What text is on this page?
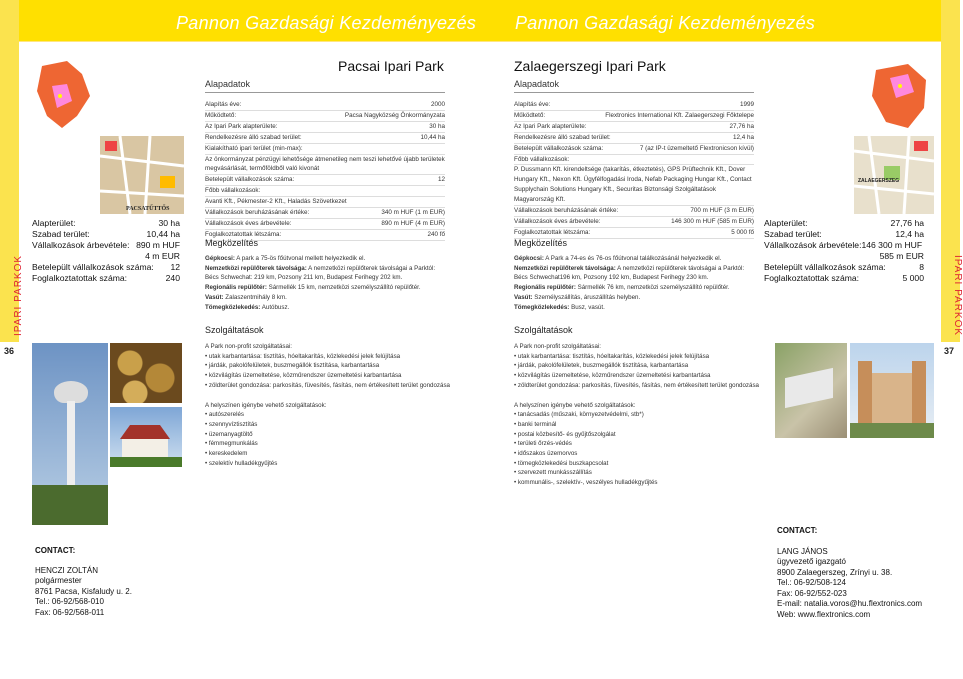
Pannon Gazdasági Kezdeményezés Pannon Gazdasági Kezdeményezés
IPARI PARKOK
36
IPARI PARKOK
37
PACSATŰTTŐS
Alapterület:	30 ha
Szabad terület:	10,44 ha
Vállalkozások árbevétele: 890 m HUF
4 m EUR
Betelepült vállalkozások száma: 12
Foglalkoztatottak száma:	240
Pacsai Ipari Park
Alapadatok
Alapítás éve:	2000
Működtető:	Pacsa Nagyközség Önkormányzata
Az Ipari Park alapterülete:	30 ha
Rendelkezésre álló szabad terület:	10,44 ha
Kialakítható ipari terület (min-max):
Az önkormányzat pénzügyi lehetősége átmenetileg nem teszi lehetővé újabb területek megvásárlását, termőföldből való kivonát
Betelepült vállalkozások száma:	12
Főbb vállalkozások:
Avanti Kft., Pékmester-2 Kft., Haladás Szövetkezet
Vállalkozások beruházásának értéke:	340 m HUF (1 m EUR)
Vállalkozások éves árbevétele:	890 m HUF (4 m EUR)
Foglalkoztatottak létszáma:	240 fő
Megközelítés
Gépkocsi: A park a 75-ös főútvonal mellett helyezkedik el.
Nemzetközi repülőterek távolsága: A nemzetközi repülőterek távolságai a Parktól:
Bécs Schwechat: 219 km, Pozsony 211 km, Budapest Ferihegy 202 km.
Regionális repülőtér: Sármellék 15 km, nemzetközi személyszállító repülőtér.
Vasút: Zalaszentmihály 8 km.
Tömegközlekedés: Autóbusz.
Szolgáltatások
A Park non-profit szolgáltatásai:
• utak karbantartása: tisztítás, hóeltakarítás, közlekedési jelek felújítása
• járdák, pakolófelületek, buszmegállók tisztítása, karbantartása
• közvilágítás üzemeltetése, közműrendszer üzemeltetési karbantartása
• zöldterület gondozása: parkosítás, füvesítés, fásítás, nem értékesített terület gondozása
A helyszínen igénybe vehető szolgáltatások:
• autószerelés
• szennyvíztisztítás
• üzemanyagtöltő
• fémmegmunkálás
• kereskedelem
• szelektív hulladékgyűjtés
CONTACT:
HENCZI ZOLTÁN
polgármester
8761 Pacsa, Kisfaludy u. 2.
Tel.: 06-92/568-010
Fax: 06-92/568-011
Zalaegerszegi Ipari Park
Alapadatok
Alapítás éve:	1999
Működtető:	Flextronics International Kft. Zalaegerszegi Főktelepe
Az Ipari Park alapterülete:	27,76 ha
Rendelkezésre álló szabad terület:	12,4 ha
Betelepült vállalkozások száma:	7 (az IP-t üzemeltető Flextronicson kívül)
Főbb vállalkozások:
P. Dussmann Kft. kirendeltsége (takarítás, étkeztetés), GPS Prüftechnik Kft., Dover Hungary Kft., Nexon Kft. Ügyfélfogadási Iroda, Nefab Packaging Hungar Kft., Contact Supplychain Solutions Hungary Kft., Securitas Biztonsági Szolgáltatások Magyarország Kft.
Vállalkozások beruházásának értéke:	700 m HUF (3 m EUR)
Vállalkozások éves árbevétele:	146 300 m HUF (585 m EUR)
Foglalkoztatottak létszáma:	5 000 fő
Megközelítés
Gépkocsi: A Park a 74-es és 76-os főútvonal találkozásánál helyezkedik el.
Nemzetközi repülőterek távolsága: A nemzetközi repülőterek távolságai a Parktól:
Bécs Schwechat196 km, Pozsony 192 km, Budapest Ferihegy 230 km.
Regionális repülőtér: Sármellék 76 km, nemzetközi személyszállító repülőtér.
Vasút: Személyszállítás, áruszállítás helyben.
Tömegközlekedés: Busz, vasút.
Szolgáltatások
A Park non-profit szolgáltatásai:
• utak karbantartása: tisztítás, hóeltakarítás, közlekedési jelek felújítása
• járdák, pakolófelületek, buszmegállók tisztítása, karbantartása
• közvilágítás üzemeltetése, közműrendszer üzemeltetési karbantartása
• zöldterület gondozása: parkosítás, füvesítés, fásítás, nem értékesített terület gondozása
A helyszínen igénybe vehető szolgáltatások:
• tanácsadás (műszaki, környezetvédelmi, stb*)
• banki terminál
• postai közbesítő- és gyűjtőszolgálat
• területi őrzés-védés
• időszakos üzemorvos
• tömegközlekedési buszkapcsolat
• szervezett munkásszállítás
• kommunális-, szelektív-, veszélyes hulladékgyűjtés
ZALAEGERSZEG
Alapterület:	27,76 ha
Szabad terület:	12,4 ha
Vállalkozások árbevétele:146 300 m HUF
585 m EUR
Betelepült vállalkozások száma:	8
Foglalkoztatottak száma:	5 000
CONTACT:
LANG JÁNOS
ügyvezető igazgató
8900 Zalaegerszeg, Zrínyi u. 38.
Tel.: 06-92/508-124
Fax: 06-92/552-023
E-mail: natalia.voros@hu.flextronics.com
Web: www.flextronics.com
